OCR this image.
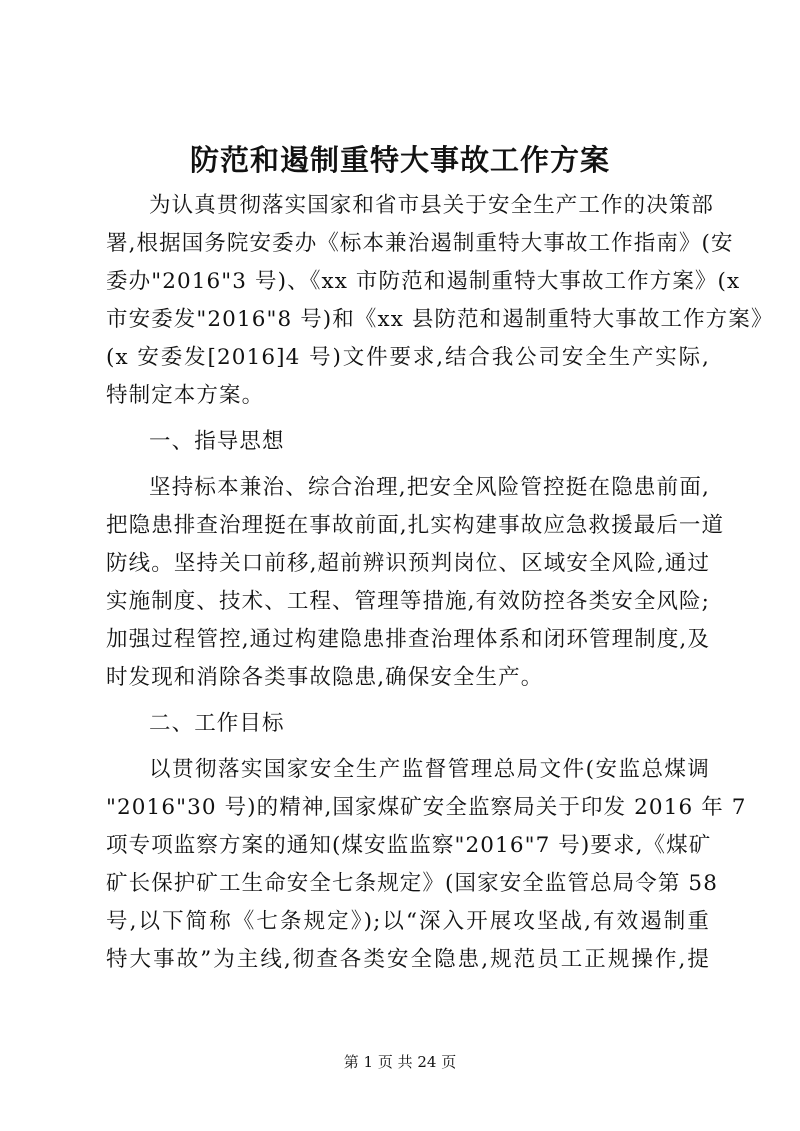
防范和遏制重特大事故工作方案
为认真贯彻落实国家和省市县关于安全生产工作的决策部
署,根据国务院安委办《标本兼治遏制重特大事故工作指南》(安
委办"2016"3 号)、《xx 市防范和遏制重特大事故工作方案》(x
市安委发"2016"8 号)和《xx 县防范和遏制重特大事故工作方案》
(x 安委发[2016]4 号)文件要求,结合我公司安全生产实际,
特制定本方案。
一、指导思想
坚持标本兼治、综合治理,把安全风险管控挺在隐患前面,
把隐患排查治理挺在事故前面,扎实构建事故应急救援最后一道
防线。坚持关口前移,超前辨识预判岗位、区域安全风险,通过
实施制度、技术、工程、管理等措施,有效防控各类安全风险;
加强过程管控,通过构建隐患排查治理体系和闭环管理制度,及
时发现和消除各类事故隐患,确保安全生产。
二、工作目标
以贯彻落实国家安全生产监督管理总局文件(安监总煤调
"2016"30 号)的精神,国家煤矿安全监察局关于印发 2016 年 7
项专项监察方案的通知(煤安监监察"2016"7 号)要求,《煤矿
矿长保护矿工生命安全七条规定》(国家安全监管总局令第 58
号,以下简称《七条规定》);以“深入开展攻坚战,有效遏制重
特大事故”为主线,彻查各类安全隐患,规范员工正规操作,提
第 1 页 共 24 页
